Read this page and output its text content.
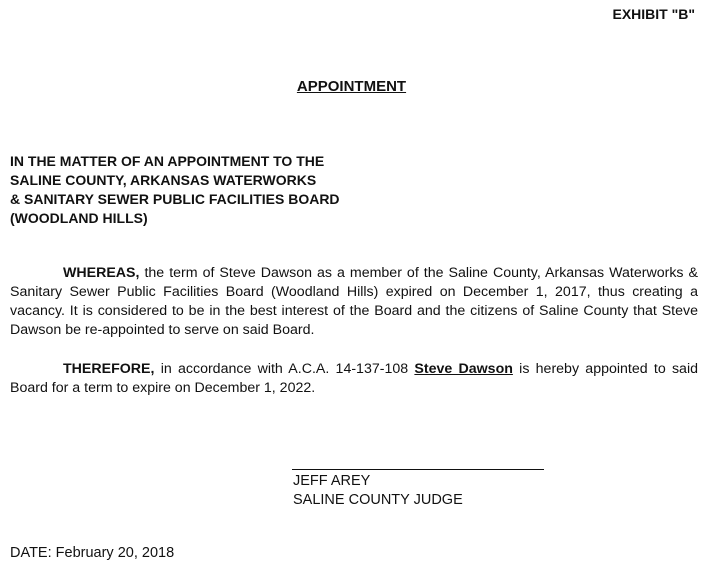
EXHIBIT "B"
APPOINTMENT
IN THE MATTER OF AN APPOINTMENT TO THE
SALINE COUNTY, ARKANSAS WATERWORKS
& SANITARY SEWER PUBLIC FACILITIES BOARD
(WOODLAND HILLS)
WHEREAS, the term of Steve Dawson as a member of the Saline County, Arkansas Waterworks & Sanitary Sewer Public Facilities Board (Woodland Hills) expired on December 1, 2017, thus creating a vacancy. It is considered to be in the best interest of the Board and the citizens of Saline County that Steve Dawson be re-appointed to serve on said Board.
THEREFORE, in accordance with A.C.A. 14-137-108 Steve Dawson is hereby appointed to said Board for a term to expire on December 1, 2022.
JEFF AREY
SALINE COUNTY JUDGE
DATE: February 20, 2018
